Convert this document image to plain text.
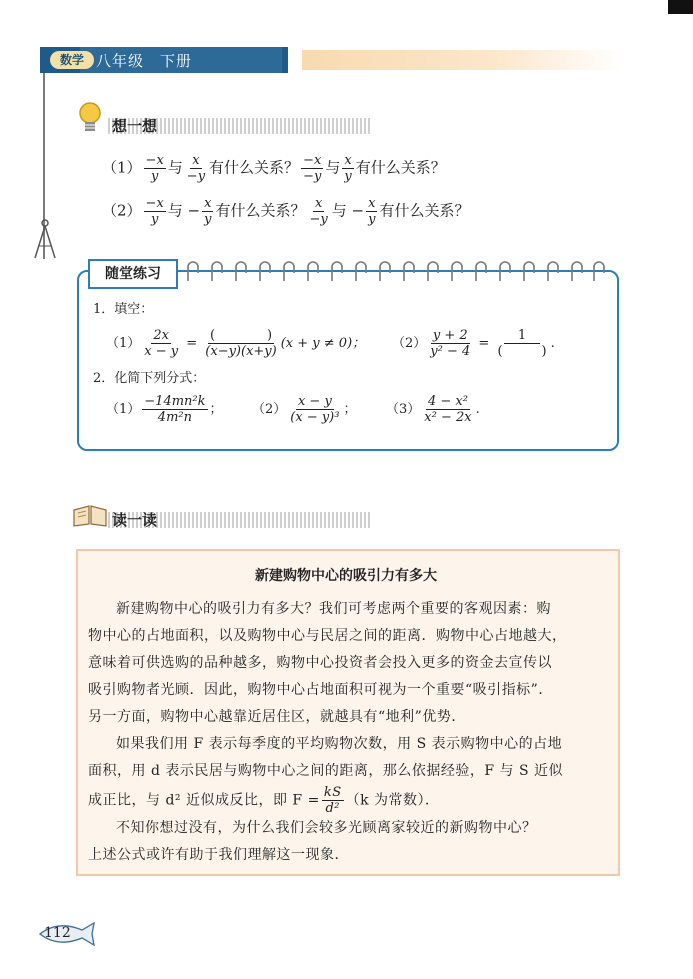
数学 八年级　下册
想一想
$(1) \frac{-x}{y}$ 与 $\frac{x}{-y}$ 有什么关系？ $\frac{-x}{-y}$ 与 $\frac{x}{y}$ 有什么关系？
$(2) \frac{-x}{y}$ 与 − $\frac{x}{y}$ 有什么关系？ $\frac{x}{-y}$ 与 − $\frac{x}{y}$ 有什么关系？
随堂练习
1．填空：
$(1) \frac{2x}{x - y} = \frac{( )}{(x-y)(x+y)} (x + y \ne 0)$； $(2) \frac{y + 2}{\text{y² − 4}} = \frac{1}{( )}$ .
2．化简下列分式：
$(1) \frac{\text{−14mn²k}}{\text{4m²n}}$ ； $(2) \frac{x - y}{\text{(x − y)³}}$ ； $(3) \frac{\text{4 − x²}}{\text{x² − 2x}}$ .
读一读
新建购物中心的吸引力有多大
新建购物中心的吸引力有多大？我们可考虑两个重要的客观因素：购
物中心的占地面积，以及购物中心与民居之间的距离．购物中心占地越大，
意味着可供选购的品种越多，购物中心投资者会投入更多的资金去宣传以
吸引购物者光顾．因此，购物中心占地面积可视为一个重要“吸引指标”．
另一方面，购物中心越靠近居住区，就越具有“地利”优势．
如果我们用 F 表示每季度的平均购物次数，用 S 表示购物中心的占地
面积，用 d 表示民居与购物中心之间的距离，那么依据经验，F 与 S 近似
成正比，与 d² 近似成反比，即 $F = \frac{kS}{\text{d²}} (k$ 为常数）．
不知你想过没有，为什么我们会较多光顾离家较近的新购物中心？
上述公式或许有助于我们理解这一现象．
112
